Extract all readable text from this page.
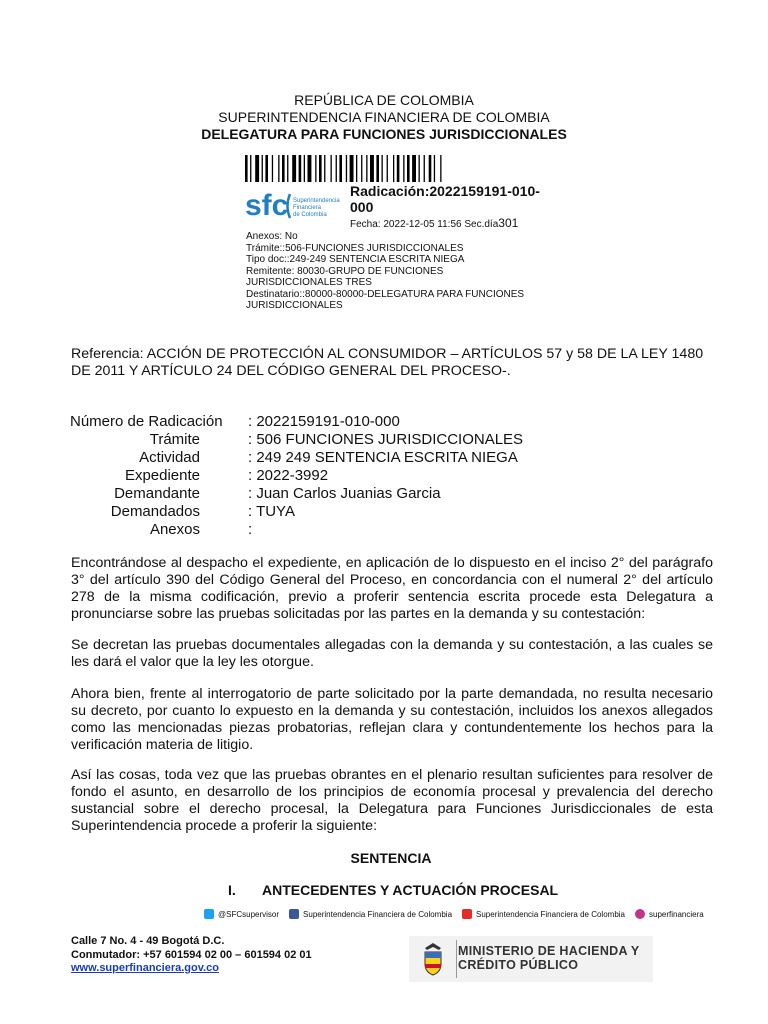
REPÚBLICA DE COLOMBIA
SUPERINTENDENCIA FINANCIERA DE COLOMBIA
DELEGATURA PARA FUNCIONES JURISDICCIONALES
sfc Superintendencia
Financiera
de Colombia
Radicación:2022159191-010-
000
Fecha: 2022-12-05 11:56 Sec.día301
Anexos: No
Trámite::506-FUNCIONES JURISDICCIONALES
Tipo doc::249-249 SENTENCIA ESCRITA NIEGA
Remitente: 80030-GRUPO DE FUNCIONES
JURISDICCIONALES TRES
Destinatario::80000-80000-DELEGATURA PARA FUNCIONES
JURISDICCIONALES
Referencia: ACCIÓN DE PROTECCIÓN AL CONSUMIDOR – ARTÍCULOS 57 y 58 DE LA LEY 1480 DE 2011 Y ARTÍCULO 24 DEL CÓDIGO GENERAL DEL PROCESO-.
Número de Radicación	: 2022159191-010-000
Trámite	: 506 FUNCIONES JURISDICCIONALES
Actividad	: 249 249 SENTENCIA ESCRITA NIEGA
Expediente	: 2022-3992
Demandante	: Juan Carlos Juanias Garcia
Demandados	: TUYA
Anexos	:
Encontrándose al despacho el expediente, en aplicación de lo dispuesto en el inciso 2° del parágrafo 3° del artículo 390 del Código General del Proceso, en concordancia con el numeral 2° del artículo 278 de la misma codificación, previo a proferir sentencia escrita procede esta Delegatura a pronunciarse sobre las pruebas solicitadas por las partes en la demanda y su contestación:
Se decretan las pruebas documentales allegadas con la demanda y su contestación, a las cuales se les dará el valor que la ley les otorgue.
Ahora bien, frente al interrogatorio de parte solicitado por la parte demandada, no resulta necesario su decreto, por cuanto lo expuesto en la demanda y su contestación, incluidos los anexos allegados como las mencionadas piezas probatorias, reflejan clara y contundentemente los hechos para la verificación materia de litigio.
Así las cosas, toda vez que las pruebas obrantes en el plenario resultan suficientes para resolver de fondo el asunto, en desarrollo de los principios de economía procesal y prevalencia del derecho sustancial sobre el derecho procesal, la Delegatura para Funciones Jurisdiccionales de esta Superintendencia procede a proferir la siguiente:
SENTENCIA
I. ANTECEDENTES Y ACTUACIÓN PROCESAL
@SFCsupervisor	Superintendencia Financiera de Colombia	Superintendencia Financiera de Colombia	superfinanciera
Calle 7 No. 4 - 49 Bogotá D.C.
Conmutador: +57 601594 02 00 – 601594 02 01
www.superfinanciera.gov.co
MINISTERIO DE HACIENDA Y
CRÉDITO PÚBLICO
